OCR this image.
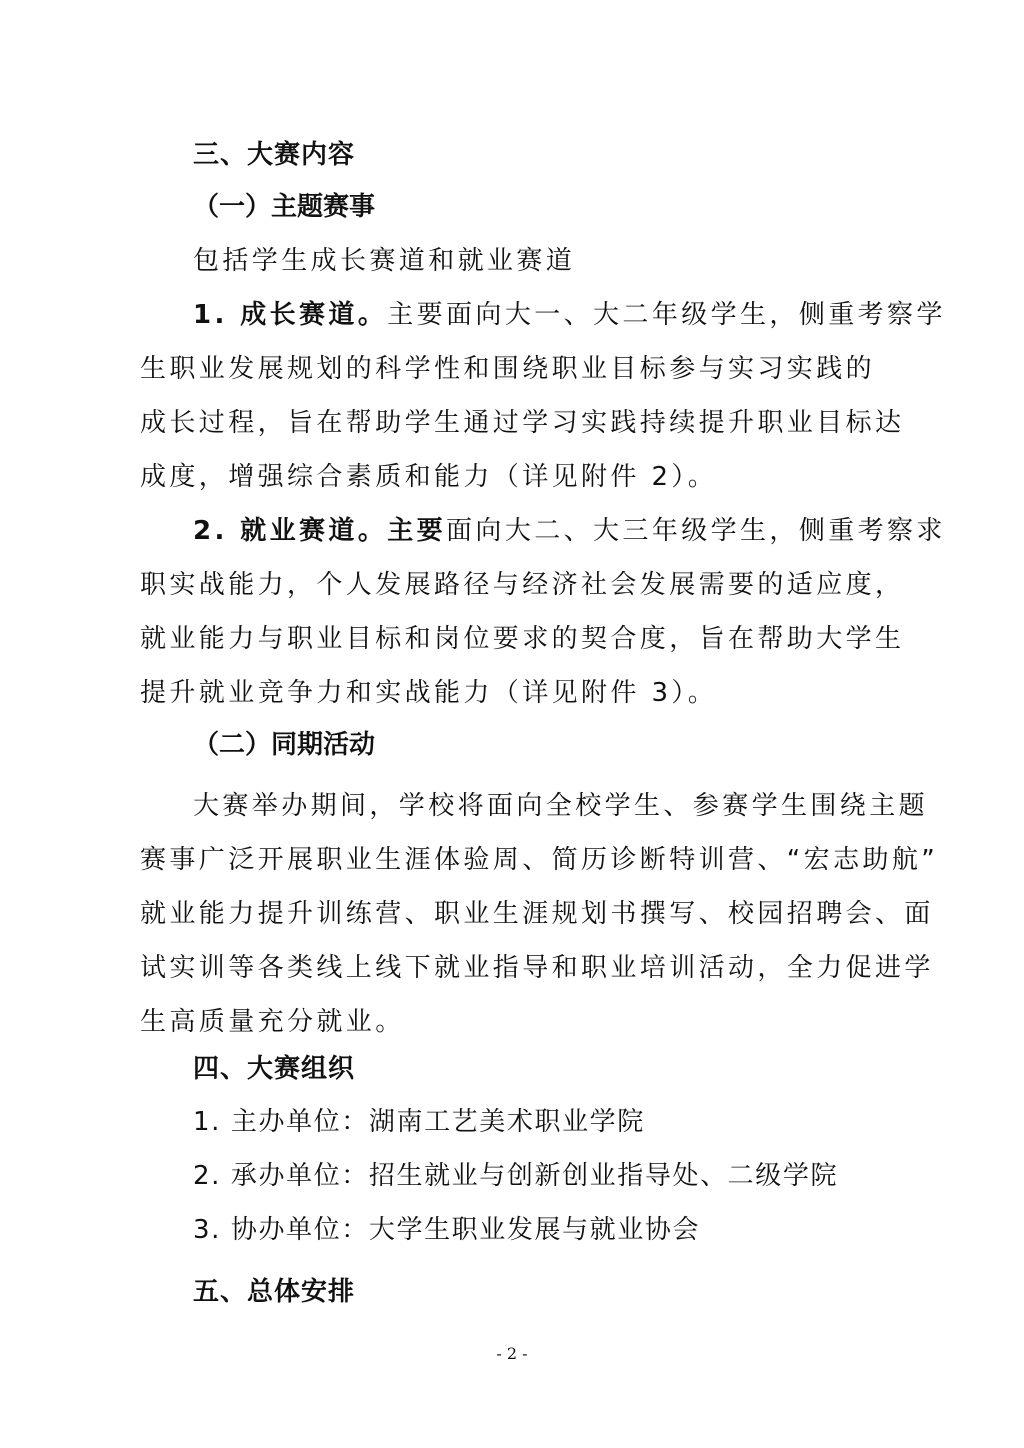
三、大赛内容
（一）主题赛事
包括学生成长赛道和就业赛道
1. 成长赛道。主要面向大一、大二年级学生，侧重考察学
生职业发展规划的科学性和围绕职业目标参与实习实践的
成长过程，旨在帮助学生通过学习实践持续提升职业目标达
成度，增强综合素质和能力（详见附件 2）。
2. 就业赛道。主要面向大二、大三年级学生，侧重考察求
职实战能力，个人发展路径与经济社会发展需要的适应度，
就业能力与职业目标和岗位要求的契合度，旨在帮助大学生
提升就业竞争力和实战能力（详见附件 3）。
（二）同期活动
大赛举办期间，学校将面向全校学生、参赛学生围绕主题
赛事广泛开展职业生涯体验周、简历诊断特训营、“宏志助航”
就业能力提升训练营、职业生涯规划书撰写、校园招聘会、面
试实训等各类线上线下就业指导和职业培训活动，全力促进学
生高质量充分就业。
四、大赛组织
1. 主办单位：湖南工艺美术职业学院
2. 承办单位：招生就业与创新创业指导处、二级学院
3. 协办单位：大学生职业发展与就业协会
五、总体安排
- 2 -
